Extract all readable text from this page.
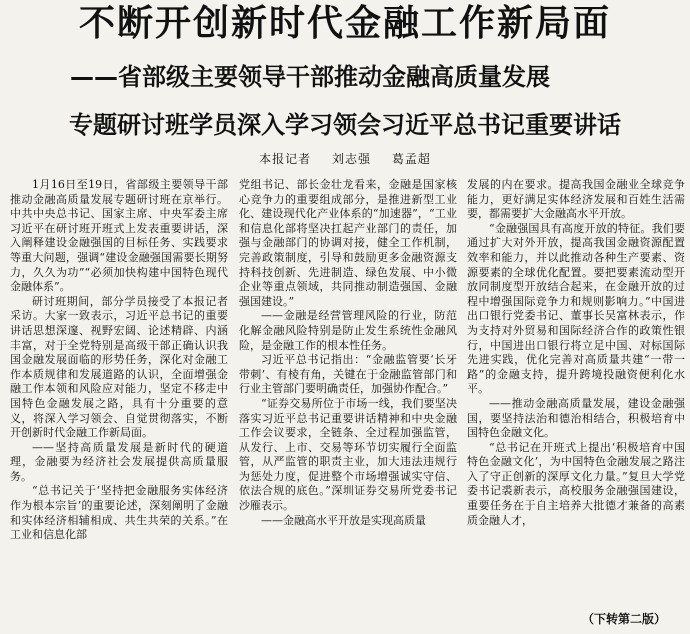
不断开创新时代金融工作新局面
——省部级主要领导干部推动金融高质量发展
专题研讨班学员深入学习领会习近平总书记重要讲话
本报记者 刘志强 葛孟超

1月16日至19日，省部级主要领导干部推动金融高质量发展专题研讨班在京举行。中共中央总书记、国家主席、中央军委主席习近平在研讨班开班式上发表重要讲话，深入阐释建设金融强国的目标任务、实践要求等重大问题，强调“建设金融强国需要长期努力，久久为功”“必须加快构建中国特色现代金融体系”。

研讨班期间，部分学员接受了本报记者采访。大家一致表示，习近平总书记的重要讲话思想深邃、视野宏阔、论述精辟、内涵丰富，对于全党特别是高级干部正确认识我国金融发展面临的形势任务，深化对金融工作本质规律和发展道路的认识，全面增强金融工作本领和风险应对能力，坚定不移走中国特色金融发展之路，具有十分重要的意义，将深入学习领会、自觉贯彻落实，不断开创新时代金融工作新局面。

——坚持高质量发展是新时代的硬道理，金融要为经济社会发展提供高质量服务。

“总书记关于‘坚持把金融服务实体经济作为根本宗旨’的重要论述，深刻阐明了金融和实体经济相辅相成、共生共荣的关系。”在工业和信息化部

党组书记、部长金壮龙看来，金融是国家核心竞争力的重要组成部分，是推进新型工业化、建设现代化产业体系的“加速器”，“工业和信息化部将坚决扛起产业部门的责任，加强与金融部门的协调对接，健全工作机制，完善政策制度，引导和鼓励更多金融资源支持科技创新、先进制造、绿色发展、中小微企业等重点领域，共同推动制造强国、金融强国建设。”

——金融是经营管理风险的行业，防范化解金融风险特别是防止发生系统性金融风险，是金融工作的根本性任务。

习近平总书记指出：“金融监管要‘长牙带刺’、有棱有角，关键在于金融监管部门和行业主管部门要明确责任，加强协作配合。”

“证券交易所位于市场一线，我们要坚决落实习近平总书记重要讲话精神和中央金融工作会议要求，全链条、全过程加强监管，从发行、上市、交易等环节切实履行全面监管，从严监管的职责主业，加大违法违规行为惩处力度，促进整个市场增强诚实守信、依法合规的底色。”深圳证券交易所党委书记沙雁表示。

——金融高水平开放是实现高质量

发展的内在要求。提高我国金融业全球竞争能力，更好满足实体经济发展和百姓生活需要，都需要扩大金融高水平开放。

“金融强国具有高度开放的特征。我们要通过扩大对外开放，提高我国金融资源配置效率和能力，并以此推动各种生产要素、资源要素的全球优化配置。要把要素流动型开放同制度型开放结合起来，在金融开放的过程中增强国际竞争力和规则影响力。”中国进出口银行党委书记、董事长吴富林表示，作为支持对外贸易和国际经济合作的政策性银行，中国进出口银行将立足中国、对标国际先进实践，优化完善对高质量共建“一带一路”的金融支持，提升跨境投融资便利化水平。

——推动金融高质量发展，建设金融强国，要坚持法治和德治相结合，积极培育中国特色金融文化。

“总书记在开班式上提出‘积极培育中国特色金融文化’，为中国特色金融发展之路注入了守正创新的深厚文化力量。”复旦大学党委书记裘新表示，高校服务金融强国建设，重要任务在于自主培养大批德才兼备的高素质金融人才，

（下转第二版）
